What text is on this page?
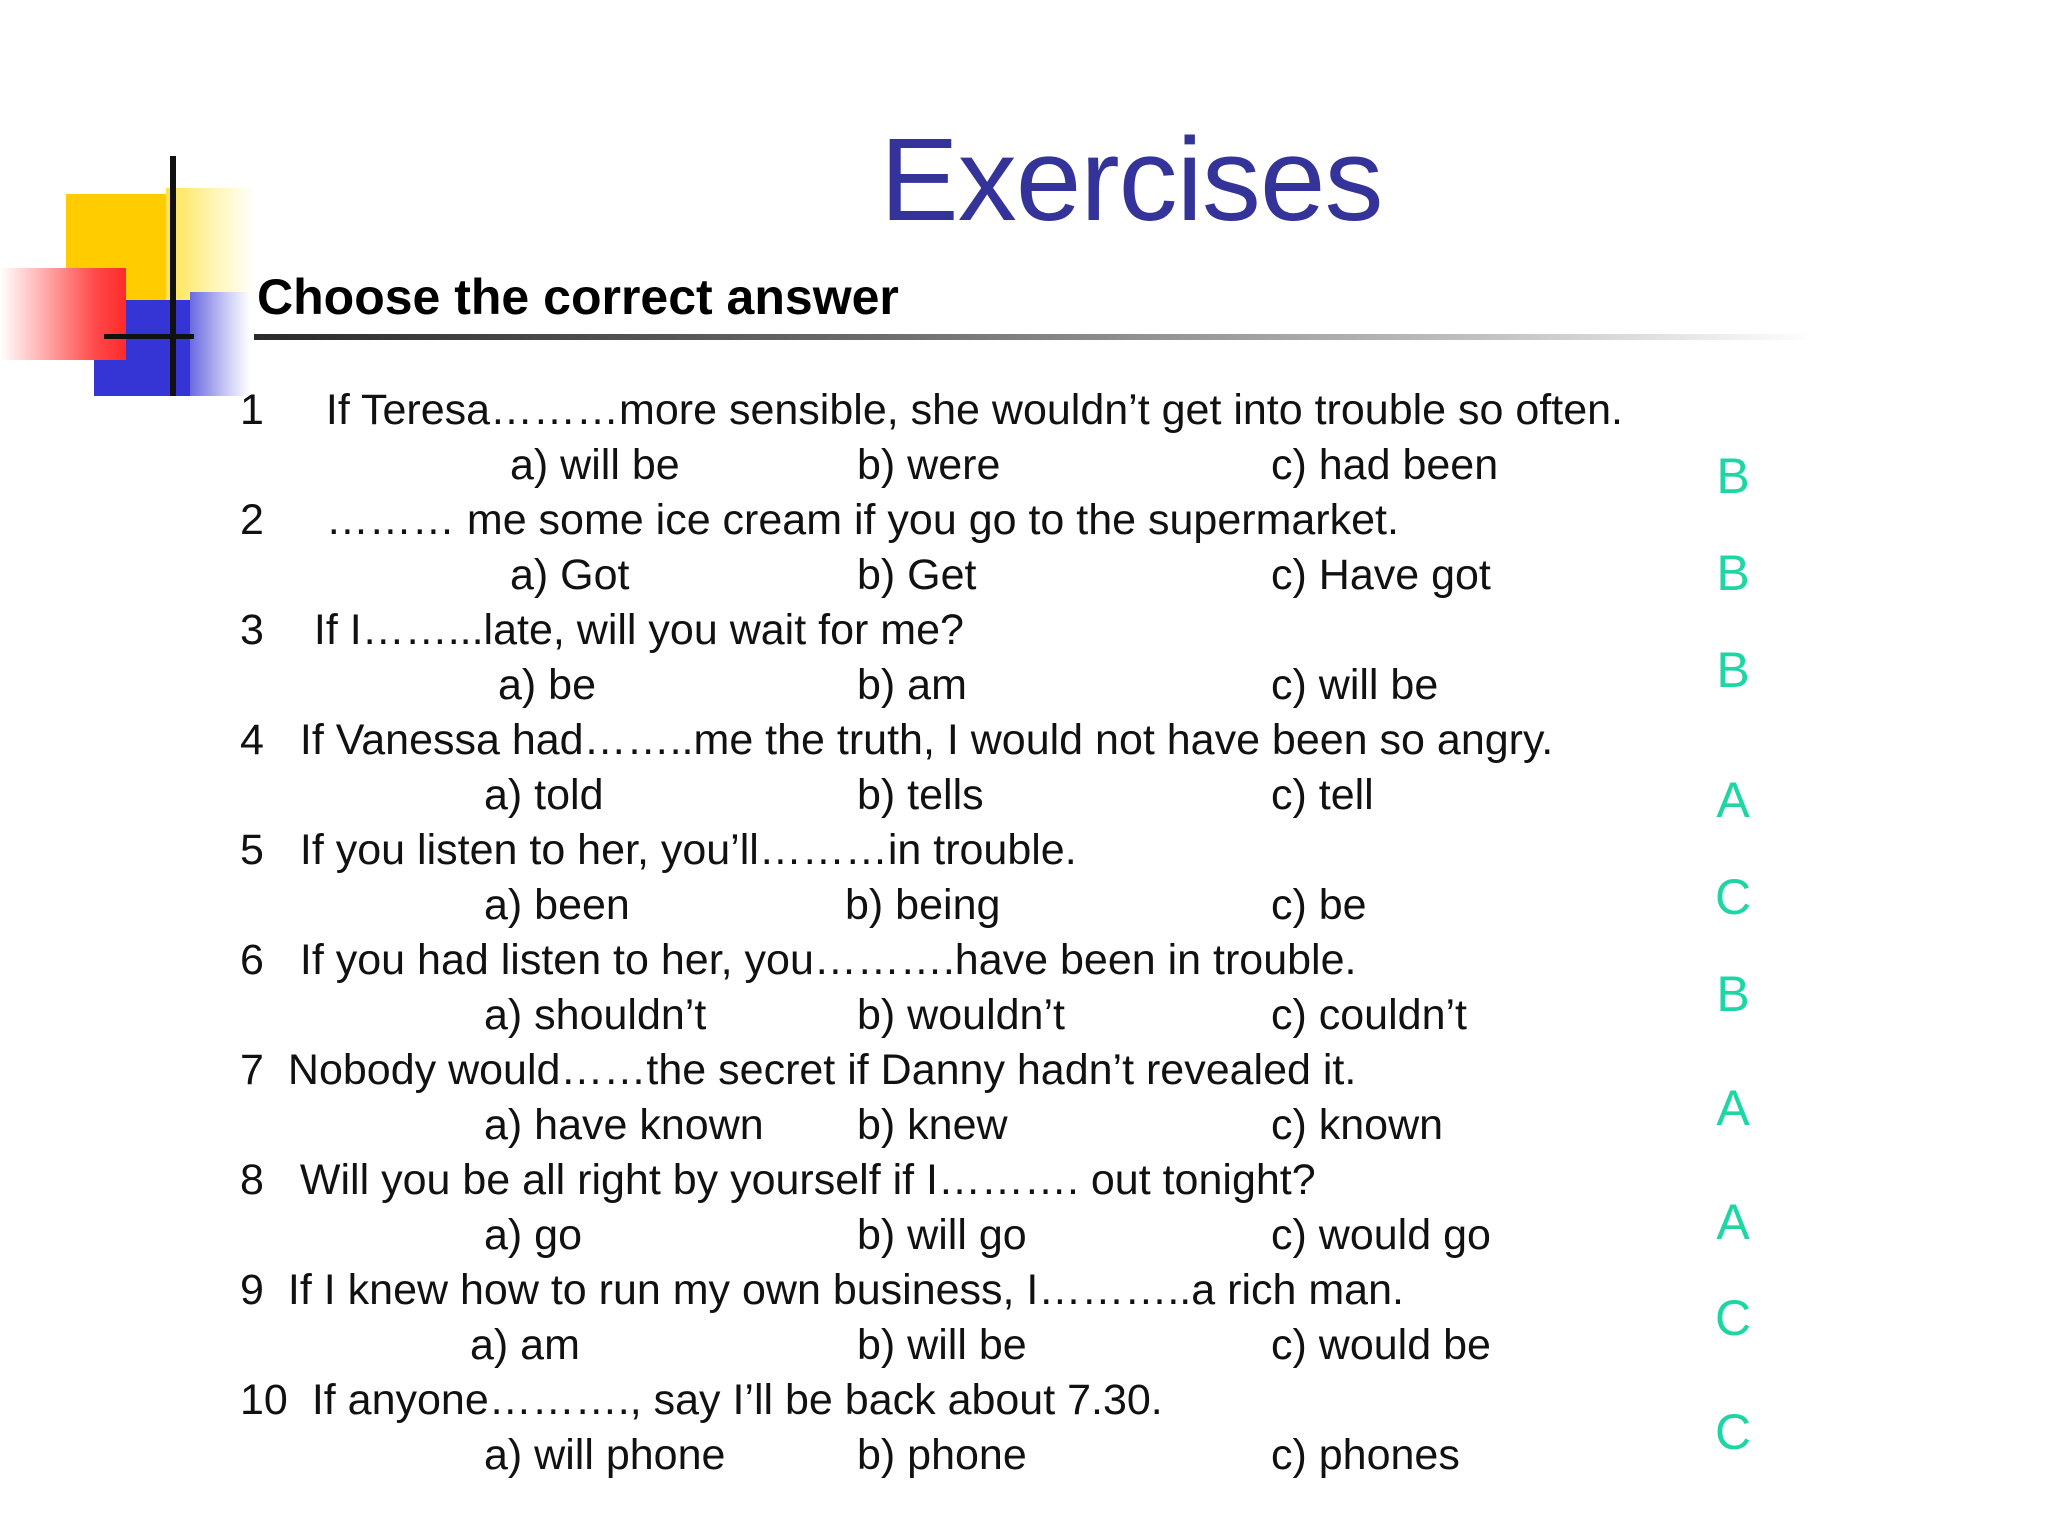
Exercises
Choose the correct answer
1 If Teresa………more sensible, she wouldn’t get into trouble so often.
a) will be	b) were	c) had been	B
2 ……… me some ice cream if you go to the supermarket.
a) Got	b) Get	c) Have got	B
3 If I……...late, will you wait for me?
a) be	b) am	c) will be	B
4 If Vanessa had……..me the truth, I would not have been so angry.
a) told	b) tells	c) tell	A
5 If you listen to her, you’ll………in trouble.
a) been	b) being	c) be	C
6 If you had listen to her, you……….have been in trouble.
a) shouldn’t	b) wouldn’t	c) couldn’t	B
7 Nobody would……the secret if Danny hadn’t revealed it.
a) have known b) knew	c) known	A
8 Will you be all right by yourself if I………. out tonight?
a) go	b) will go	c) would go	A
9 If I knew how to run my own business, I………..a rich man.
a) am	b) will be	c) would be	C
10 If anyone………., say I’ll be back about 7.30.
a) will phone	b) phone	c) phones	C
